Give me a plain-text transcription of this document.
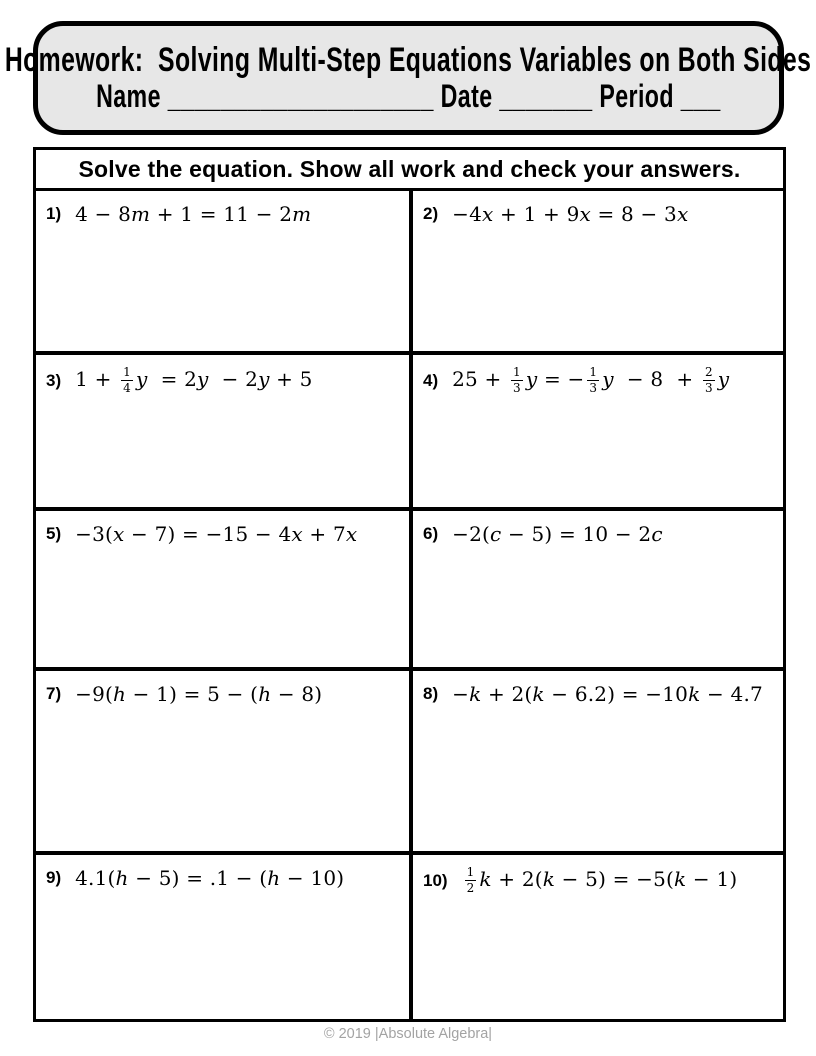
Homework:  Solving Multi-Step Equations Variables on Both Sides
Name ____________________ Date _______ Period ___
Solve the equation. Show all work and check your answers.
1) 4 − 8m + 1 = 11 − 2m	2) −4x + 1 + 9x = 8 − 3x
3) $1 + \frac{1}{4}$ y  = 2y  − 2y + 5	4) $25 + \frac{1}{3}$ y = − $\frac{1}{3}$ $y - 8 + \frac{2}{3}$ y
5) −3(x − 7) = −15 − 4x + 7x	6) −2(c − 5) = 10 − 2c
7) −9(h − 1) = 5 − (h − 8)	8) −k + 2(k − 6.2) = −10k − 4.7
9) 4.1(h − 5) = .1 − (h − 10)	$10) \frac{1}{2}$ k + 2(k − 5) = −5(k − 1)
© 2019 |Absolute Algebra|
